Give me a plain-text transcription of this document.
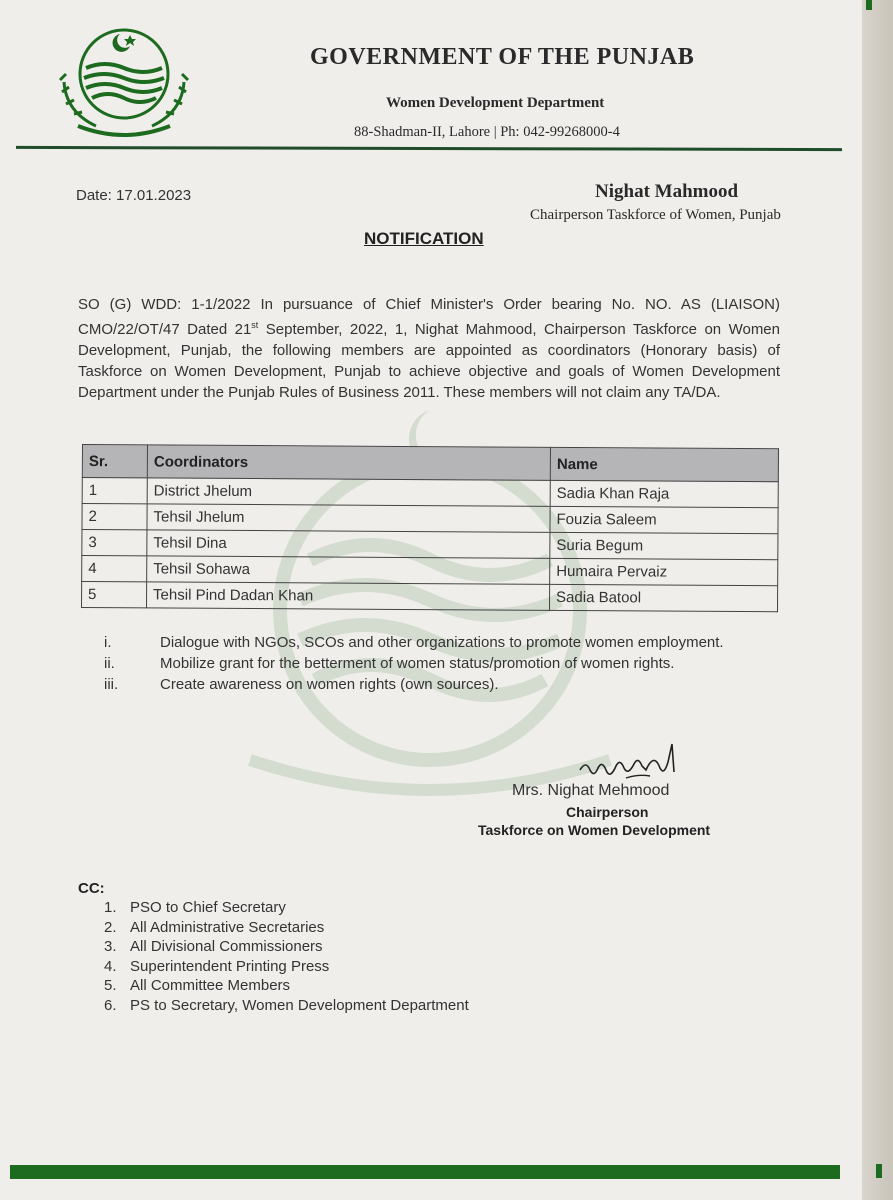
GOVERNMENT OF THE PUNJAB
Women Development Department
88-Shadman-II, Lahore | Ph: 042-99268000-4
Date: 17.01.2023	Nighat Mahmood
Chairperson Taskforce of Women, Punjab
NOTIFICATION
SO (G) WDD: 1-1/2022 In pursuance of Chief Minister's Order bearing No. NO. AS (LIAISON) CMO/22/OT/47 Dated 21st September, 2022, 1, Nighat Mahmood, Chairperson Taskforce on Women Development, Punjab, the following members are appointed as coordinators (Honorary basis) of Taskforce on Women Development, Punjab to achieve objective and goals of Women Development Department under the Punjab Rules of Business 2011. These members will not claim any TA/DA.
Sr.	Coordinators	Name
1	District Jhelum	Sadia Khan Raja
2	Tehsil Jhelum	Fouzia Saleem
3	Tehsil Dina	Suria Begum
4	Tehsil Sohawa	Humaira Pervaiz
5	Tehsil Pind Dadan Khan	Sadia Batool
i.	Dialogue with NGOs, SCOs and other organizations to promote women employment.
ii.	Mobilize grant for the betterment of women status/promotion of women rights.
iii.	Create awareness on women rights (own sources).
Mrs. Nighat Mehmood
Chairperson
Taskforce on Women Development
CC:
1. PSO to Chief Secretary
2. All Administrative Secretaries
3. All Divisional Commissioners
4. Superintendent Printing Press
5. All Committee Members
6. PS to Secretary, Women Development Department
